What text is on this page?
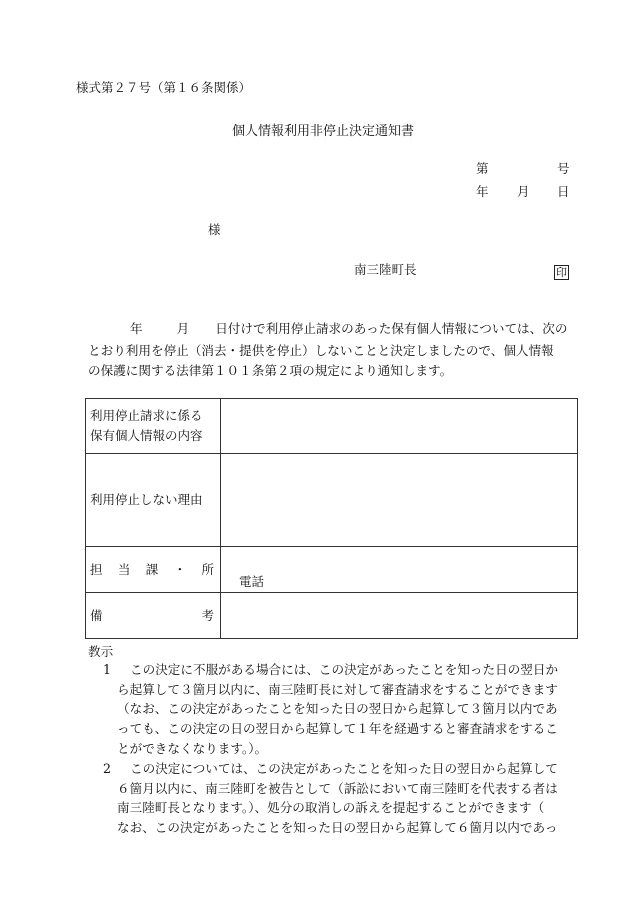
様式第２７号（第１６条関係）
個人情報利用非停止決定通知書
第	号
年 月 日
様
南三陸町長	印
年	月 日付けで利用停止請求のあった保有個人情報については、次の
とおり利用を停止（消去・提供を停止）しないことと決定しましたので、個人情報
の保護に関する法律第１０１条第２項の規定により通知します。
利用停止請求に係る
保有個人情報の内容	

利用停止しない理由	

担 当 課 ・ 所	電話

備 考	

教示
1	この決定に不服がある場合には、この決定があったことを知った日の翌日か
ら起算して３箇月以内に、南三陸町長に対して審査請求をすることができます
（なお、この決定があったことを知った日の翌日から起算して３箇月以内であ
っても、この決定の日の翌日から起算して１年を経過すると審査請求をするこ
とができなくなります。）。
2	この決定については、この決定があったことを知った日の翌日から起算して
６箇月以内に、南三陸町を被告として（訴訟において南三陸町を代表する者は
南三陸町長となります。）、処分の取消しの訴えを提起することができます（
なお、この決定があったことを知った日の翌日から起算して６箇月以内であっ
